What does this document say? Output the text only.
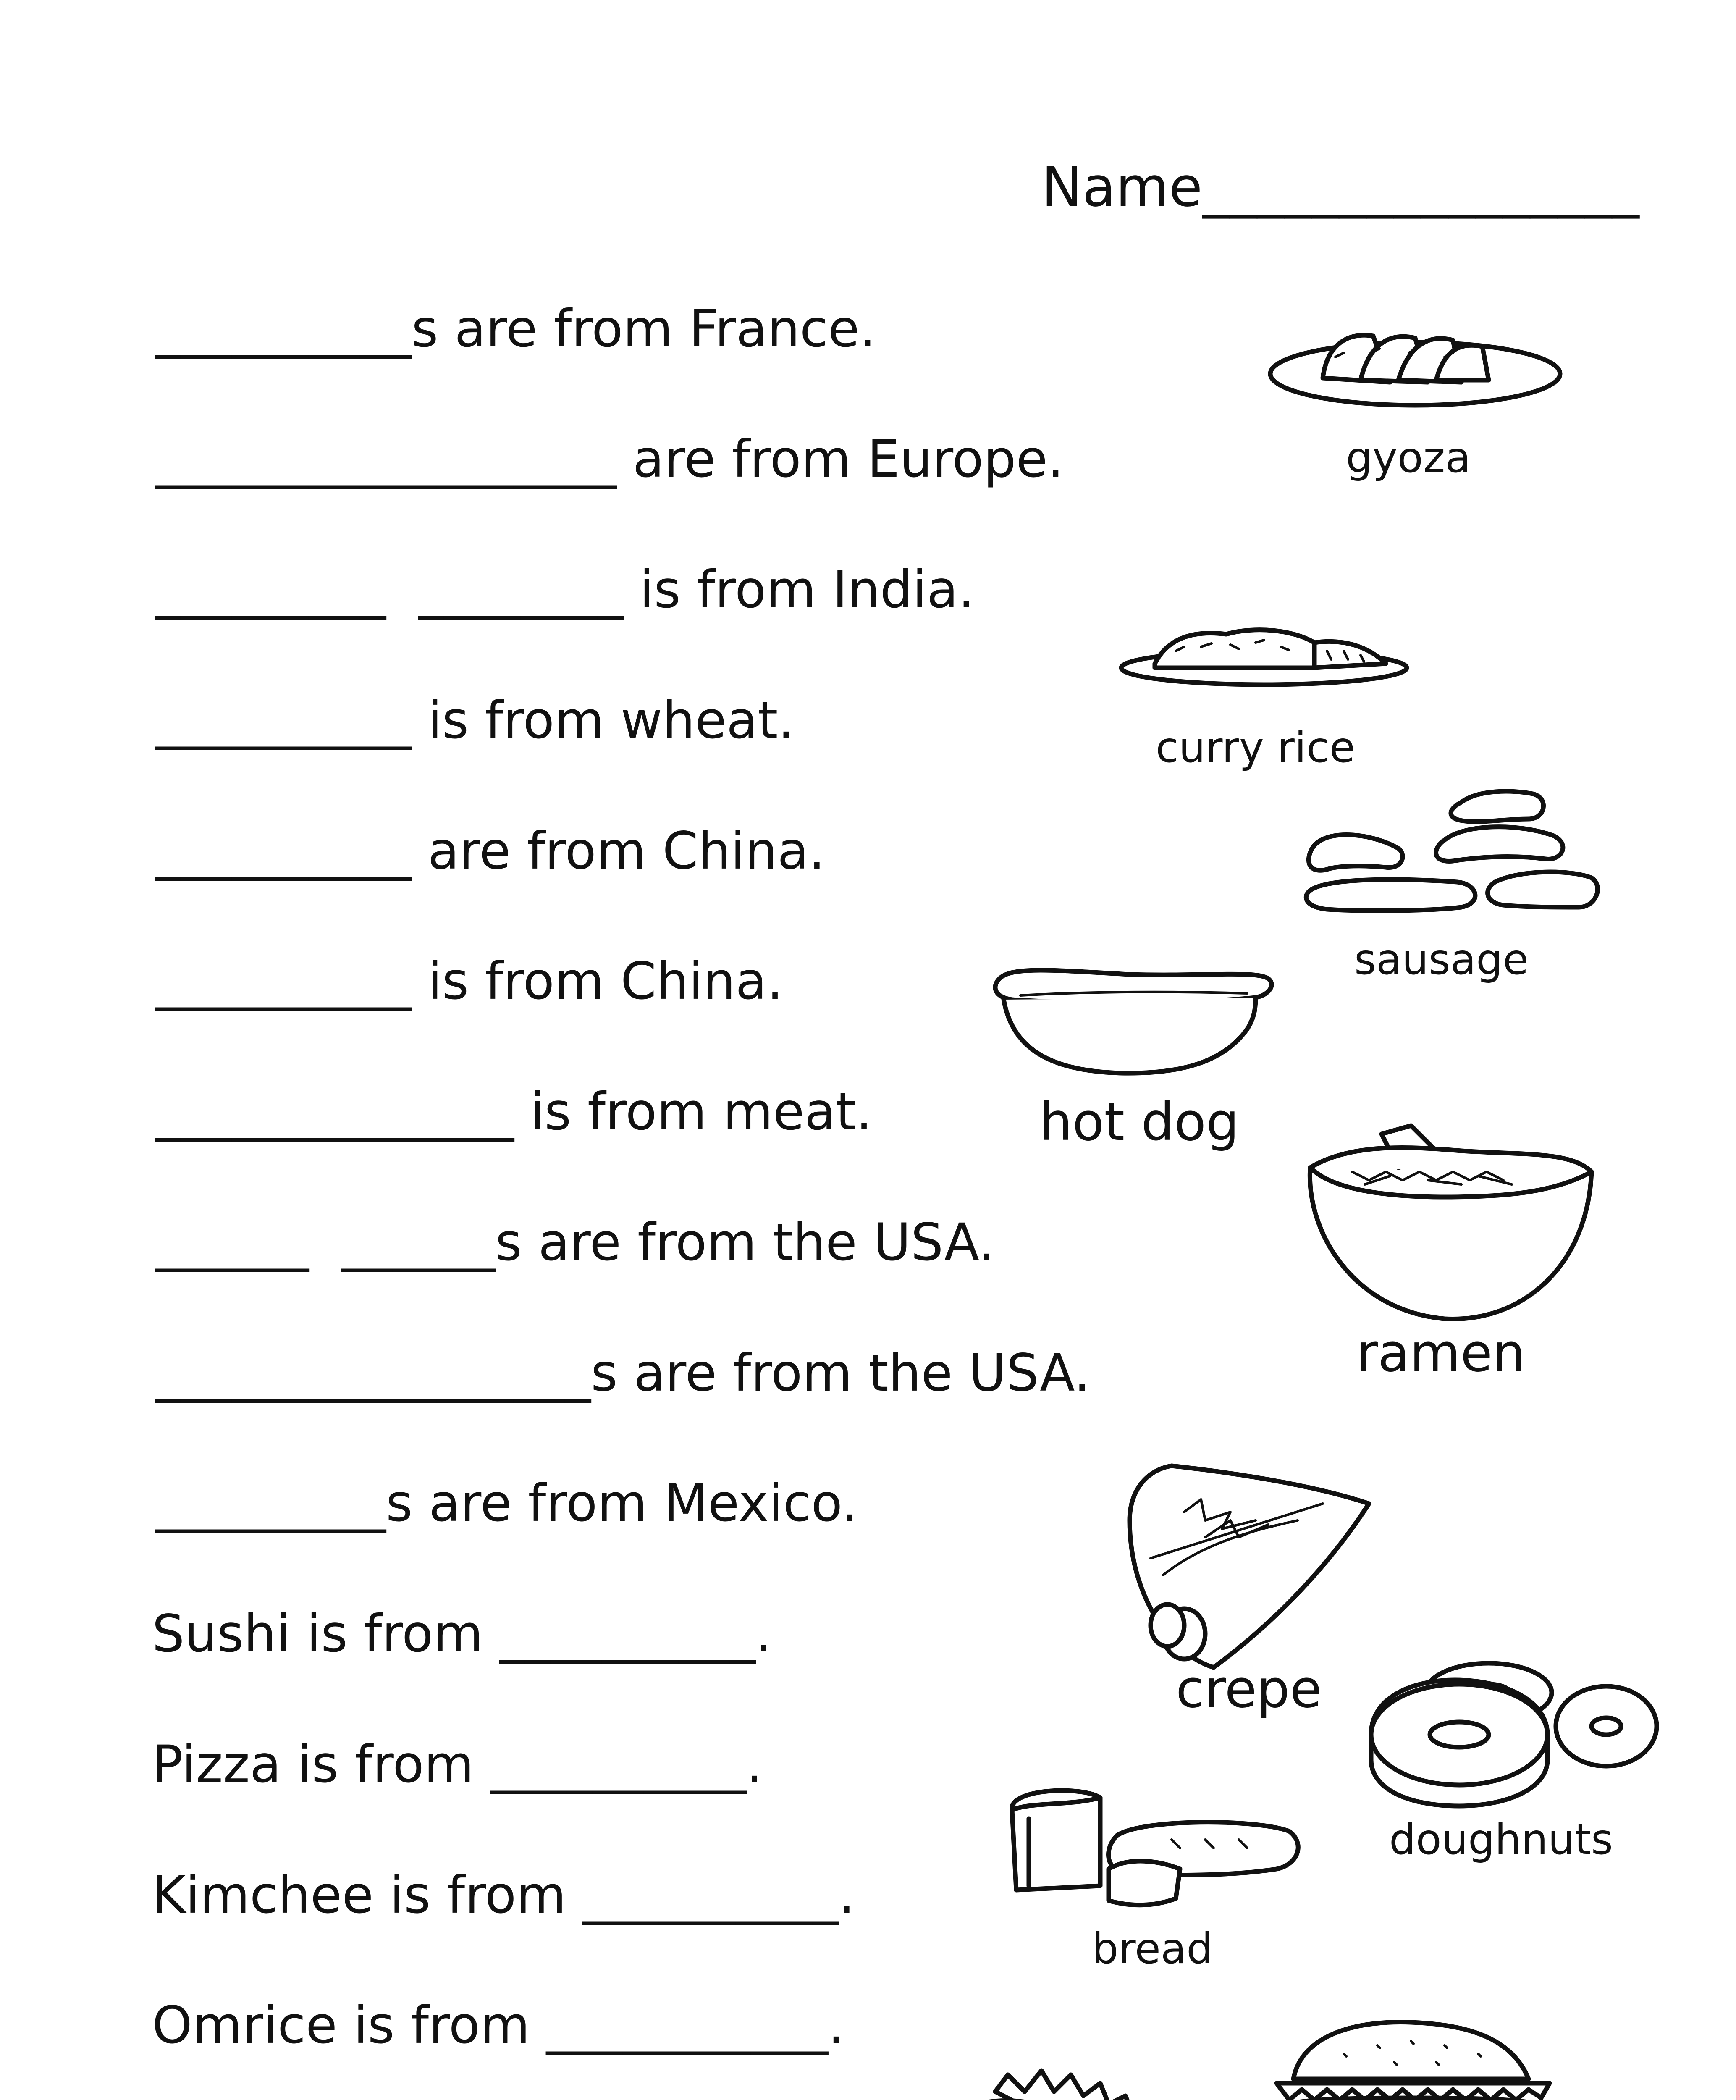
Name________________
__________s are from France.
__________________ are from Europe.
_________  ________ is from India.
__________ is from wheat.
__________ are from China.
__________ is from China.
______________ is from meat.
______  ______s are from the USA.
_________________s are from the USA.
_________s are from Mexico.
Sushi is from __________.
Pizza is from __________.
Kimchee is from __________.
Omrice is from ___________.
gyoza
curry rice
sausage
hot dog
ramen
crepe
doughnuts
bread
